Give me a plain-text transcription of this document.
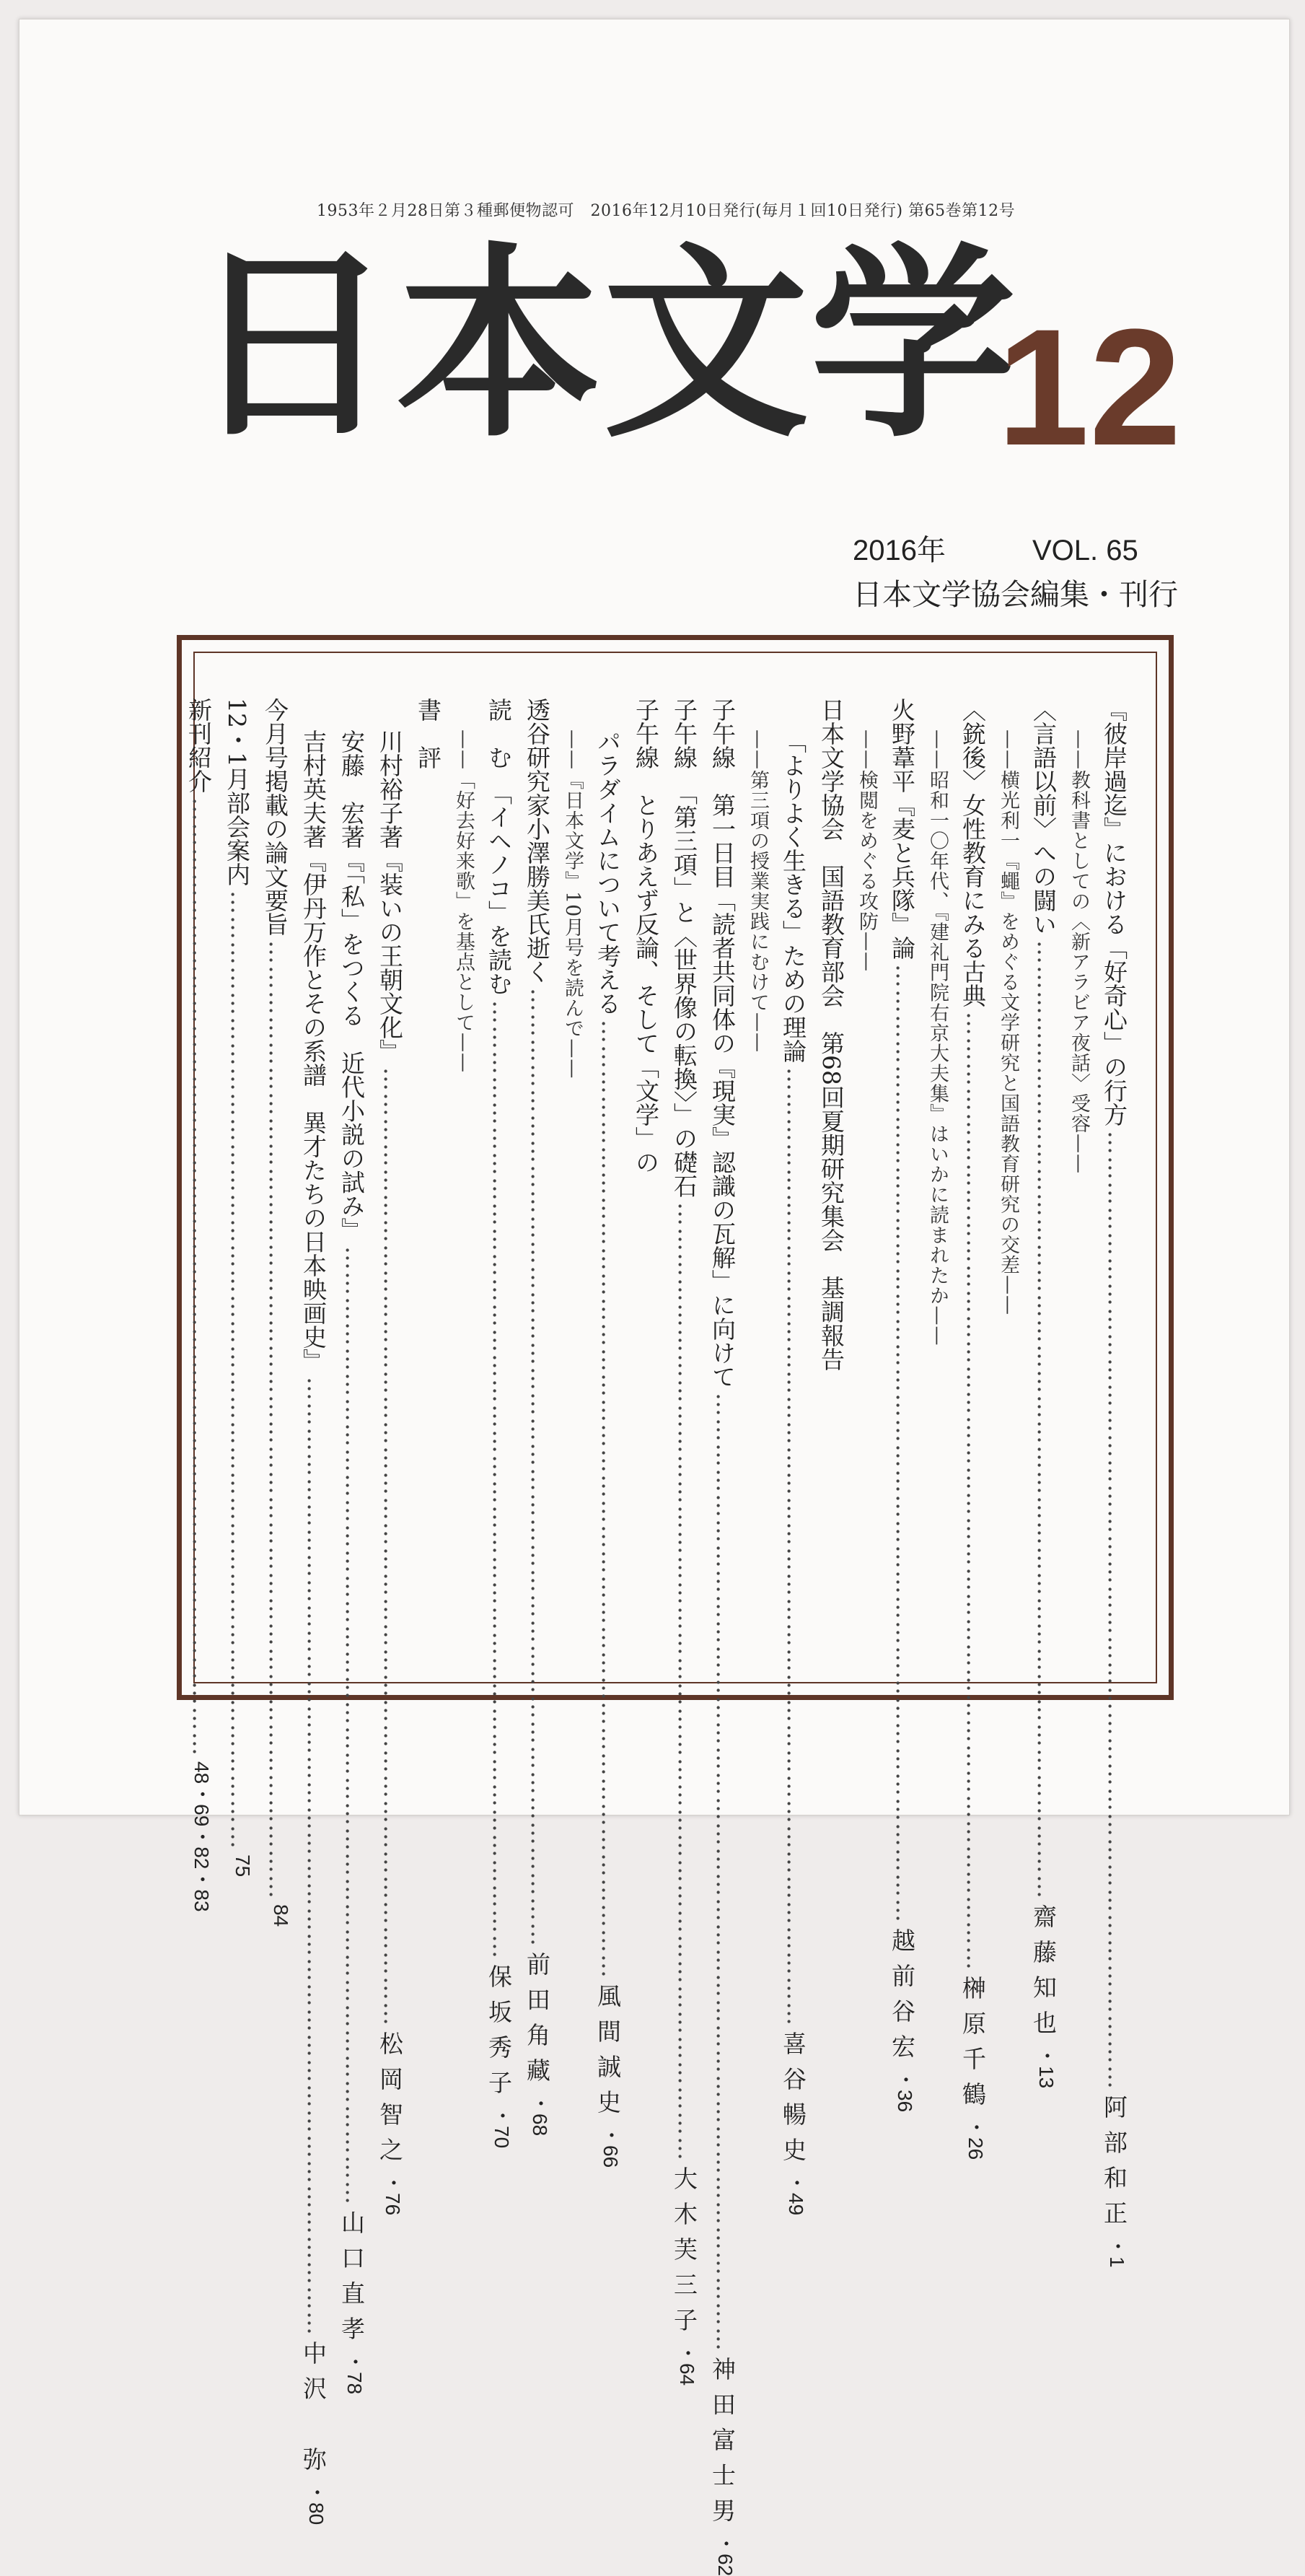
1953年２月28日第３種郵便物認可　2016年12月10日発行(毎月１回10日発行) 第65巻第12号
日本文学
12
2016年	VOL. 65
日本文学協会編集・刊行
『彼岸過迄』における「好奇心」の行方
……………………………………………………………………………………………………
阿部和正
・1
——教科書としての〈新アラビア夜話〉受容——
〈言語以前〉への闘い
……………………………………………………………………………………………………
齋藤知也
・13
——横光利一『蠅』をめぐる文学研究と国語教育研究の交差——
〈銃後〉女性教育にみる古典
……………………………………………………………………………………………………
榊原千鶴
・26
——昭和一〇年代、『建礼門院右京大夫集』はいかに読まれたか——
火野葦平『麦と兵隊』論
……………………………………………………………………………………………………
越前谷宏
・36
——検閲をめぐる攻防——
日本文学協会　国語教育部会　第68回夏期研究集会　基調報告
「よりよく生きる」ための理論
……………………………………………………………………………………………………
喜谷暢史
・49
——第三項の授業実践にむけて——
子午線　第一日目「読者共同体の『現実』認識の瓦解」に向けて
……………………………………………………………………………………………………
神田富士男
・62
子午線　「第三項」と〈世界像の転換〉」の礎石
……………………………………………………………………………………………………
大木芙三子
・64
子午線　とりあえず反論、そして「文学」の
パラダイムについて考える
……………………………………………………………………………………………………
風間誠史
・66
——『日本文学』10月号を読んで——
透谷研究家小澤勝美氏逝く
……………………………………………………………………………………………………
前田角藏
・68
読　む　「イヘノコ」を読む
……………………………………………………………………………………………………
保坂秀子
・70
——「好去好来歌」を基点として——
書　評
川村裕子著『装いの王朝文化』
……………………………………………………………………………………………………
松岡智之
・76
安藤　宏著『「私」をつくる　近代小説の試み』
……………………………………………………………………………………………………
山口直孝
・78
吉村英夫著『伊丹万作とその系譜　異才たちの日本映画史』
……………………………………………………………………………………………………
中沢　弥
・80
今月号掲載の論文要旨
……………………………………………………………………………………………………
84
12・1月部会案内
……………………………………………………………………………………………………
75
新刊紹介
……………………………………………………………………………………………………
48・69・82・83
